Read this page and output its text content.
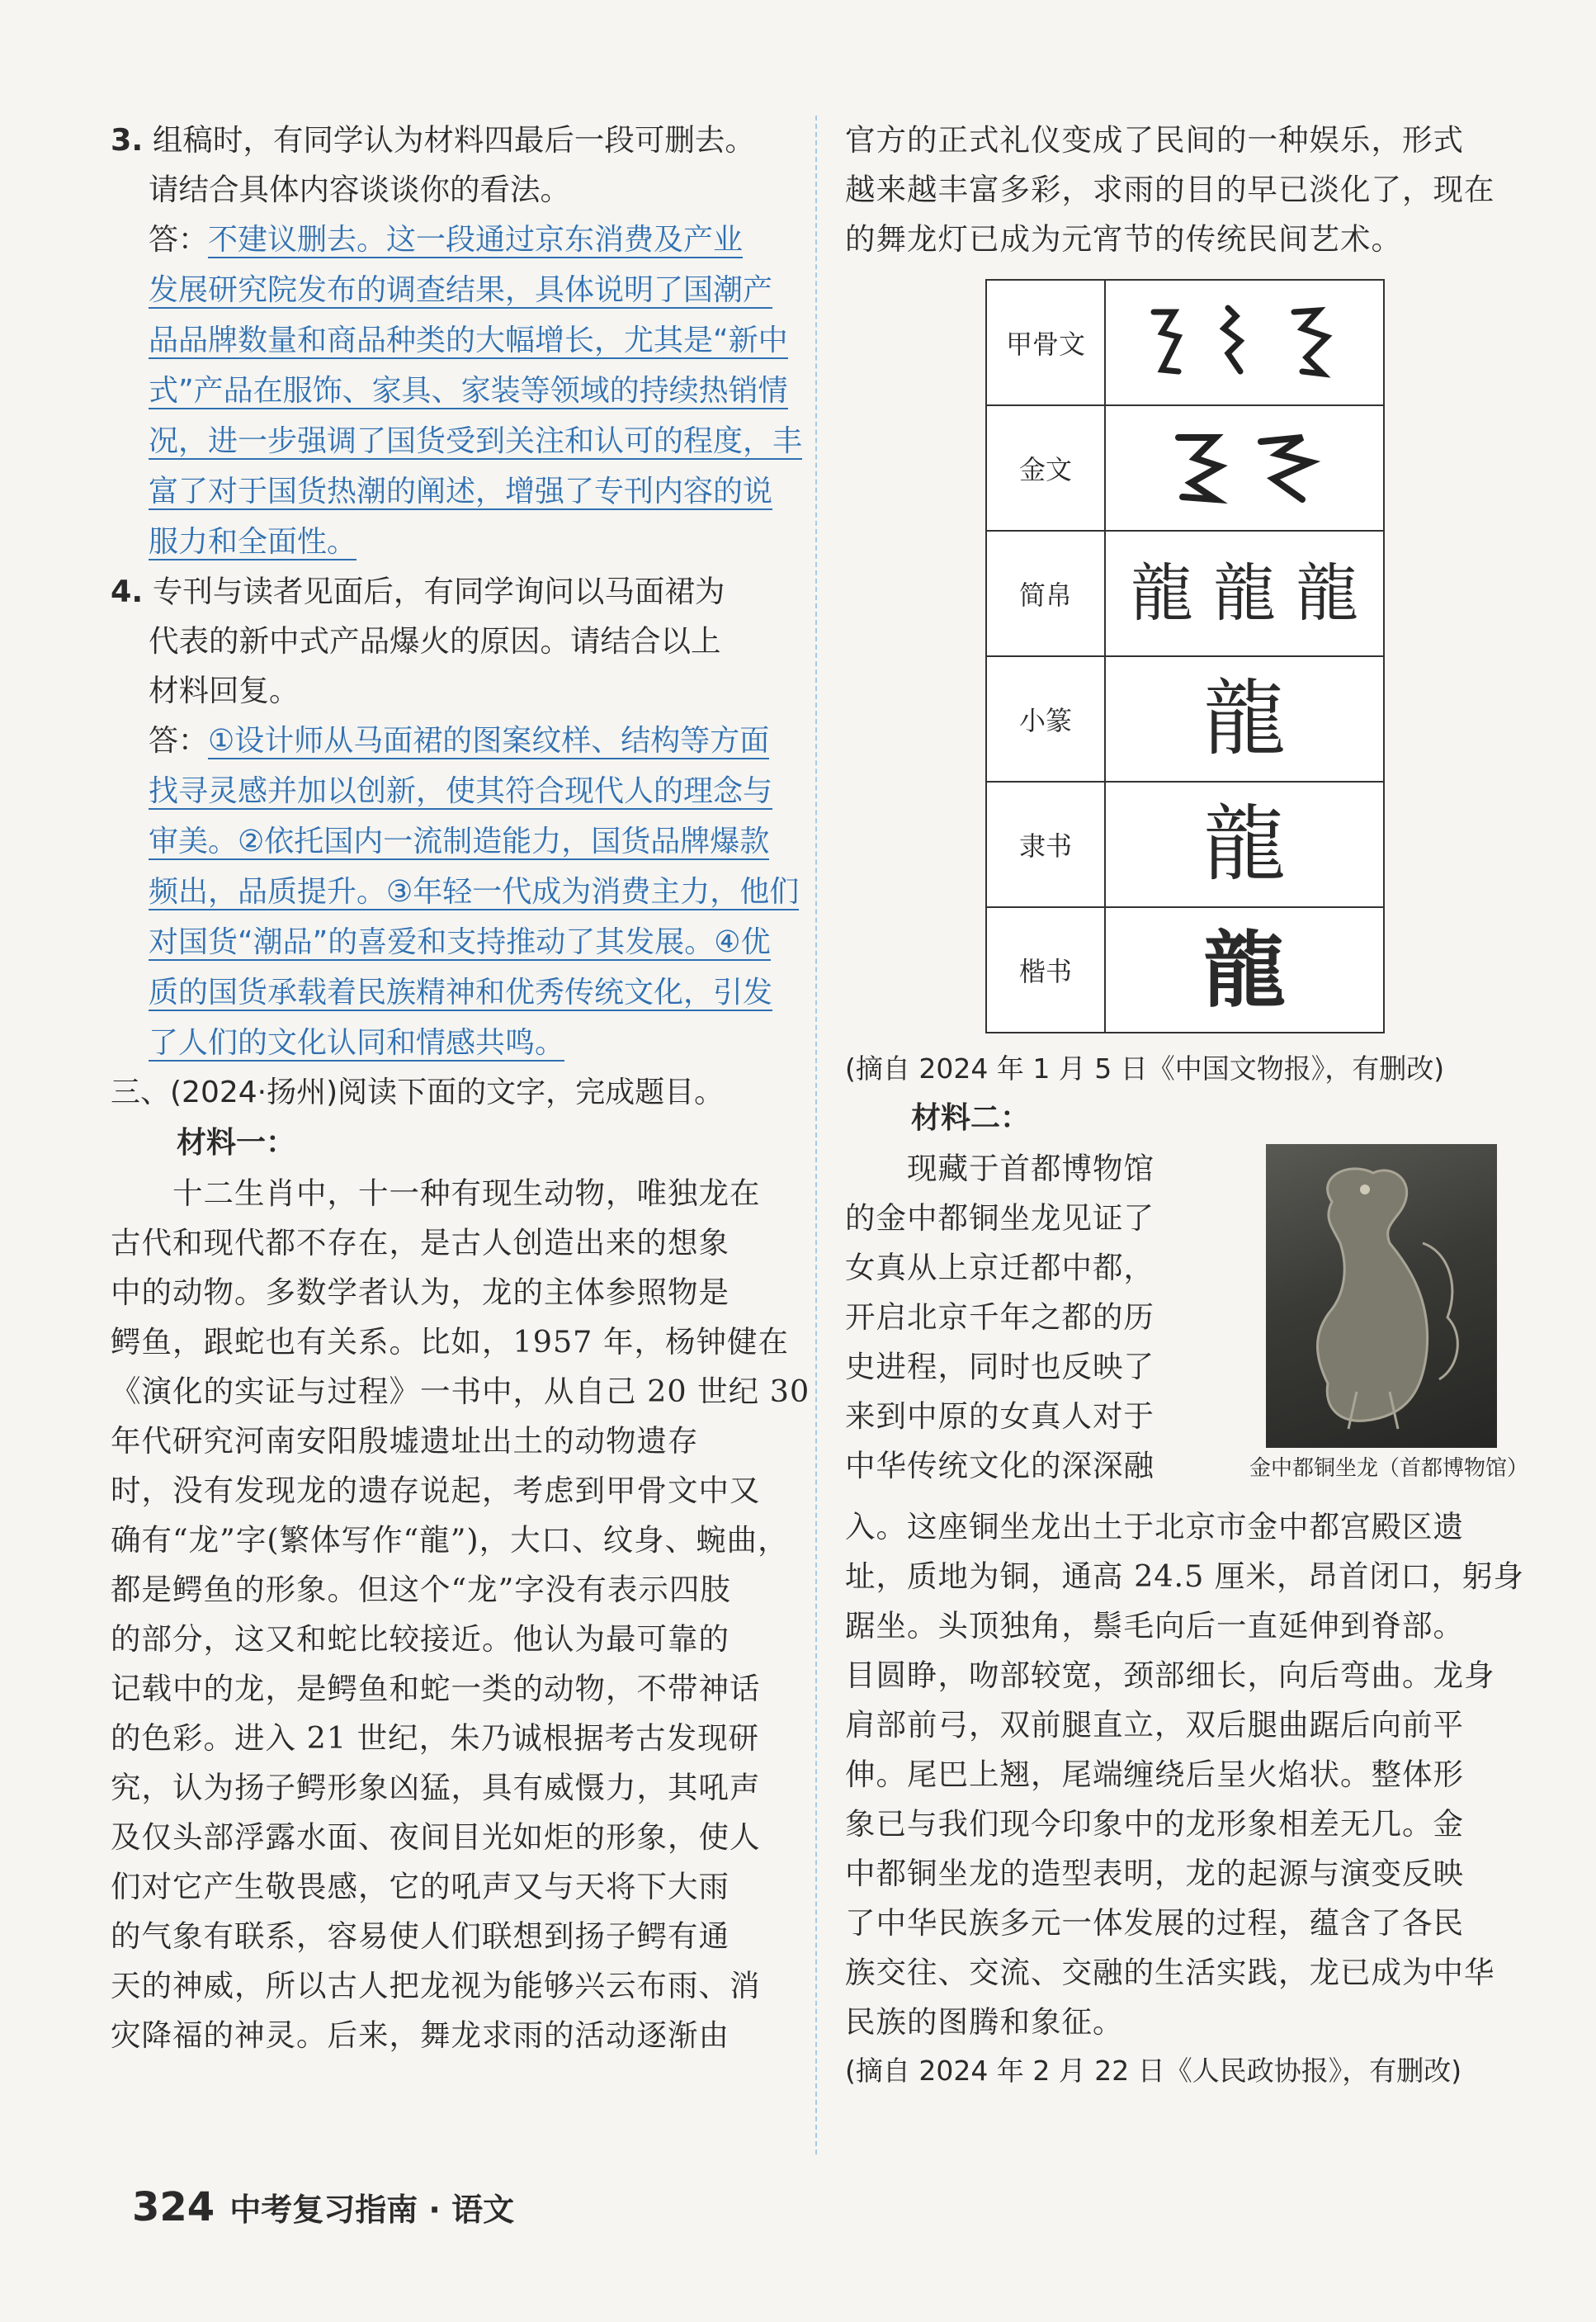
3. 组稿时，有同学认为材料四最后一段可删去。
请结合具体内容谈谈你的看法。
答：不建议删去。这一段通过京东消费及产业
发展研究院发布的调查结果，具体说明了国潮产
品品牌数量和商品种类的大幅增长，尤其是“新中
式”产品在服饰、家具、家装等领域的持续热销情
况，进一步强调了国货受到关注和认可的程度，丰
富了对于国货热潮的阐述，增强了专刊内容的说
服力和全面性。
4. 专刊与读者见面后，有同学询问以马面裙为
代表的新中式产品爆火的原因。请结合以上
材料回复。
答：①设计师从马面裙的图案纹样、结构等方面
找寻灵感并加以创新，使其符合现代人的理念与
审美。②依托国内一流制造能力，国货品牌爆款
频出，品质提升。③年轻一代成为消费主力，他们
对国货“潮品”的喜爱和支持推动了其发展。④优
质的国货承载着民族精神和优秀传统文化，引发
了人们的文化认同和情感共鸣。
三、(2024·扬州)阅读下面的文字，完成题目。
材料一：
　　十二生肖中，十一种有现生动物，唯独龙在
古代和现代都不存在，是古人创造出来的想象
中的动物。多数学者认为，龙的主体参照物是
鳄鱼，跟蛇也有关系。比如，1957 年，杨钟健在
《演化的实证与过程》一书中，从自己 20 世纪 30
年代研究河南安阳殷墟遗址出土的动物遗存
时，没有发现龙的遗存说起，考虑到甲骨文中又
确有“龙”字(繁体写作“龍”)，大口、纹身、蜿曲，
都是鳄鱼的形象。但这个“龙”字没有表示四肢
的部分，这又和蛇比较接近。他认为最可靠的
记载中的龙，是鳄鱼和蛇一类的动物，不带神话
的色彩。进入 21 世纪，朱乃诚根据考古发现研
究，认为扬子鳄形象凶猛，具有威慑力，其吼声
及仅头部浮露水面、夜间目光如炬的形象，使人
们对它产生敬畏感，它的吼声又与天将下大雨
的气象有联系，容易使人们联想到扬子鳄有通
天的神威，所以古人把龙视为能够兴云布雨、消
灾降福的神灵。后来，舞龙求雨的活动逐渐由
官方的正式礼仪变成了民间的一种娱乐，形式
越来越丰富多彩，求雨的目的早已淡化了，现在
的舞龙灯已成为元宵节的传统民间艺术。
甲骨文	
金文	
简帛	龍 龍 龍
小篆	龍
隶书	龍
楷书	龍
(摘自 2024 年 1 月 5 日《中国文物报》，有删改)
材料二：
　　现藏于首都博物馆
的金中都铜坐龙见证了
女真从上京迁都中都，
开启北京千年之都的历
史进程，同时也反映了
来到中原的女真人对于
中华传统文化的深深融	金中都铜坐龙（首都博物馆）
入。这座铜坐龙出土于北京市金中都宫殿区遗
址，质地为铜，通高 24.5 厘米，昂首闭口，躬身
踞坐。头顶独角，鬃毛向后一直延伸到脊部。
目圆睁，吻部较宽，颈部细长，向后弯曲。龙身
肩部前弓，双前腿直立，双后腿曲踞后向前平
伸。尾巴上翘，尾端缠绕后呈火焰状。整体形
象已与我们现今印象中的龙形象相差无几。金
中都铜坐龙的造型表明，龙的起源与演变反映
了中华民族多元一体发展的过程，蕴含了各民
族交往、交流、交融的生活实践，龙已成为中华
民族的图腾和象征。
(摘自 2024 年 2 月 22 日《人民政协报》，有删改)
324 中考复习指南 · 语文
